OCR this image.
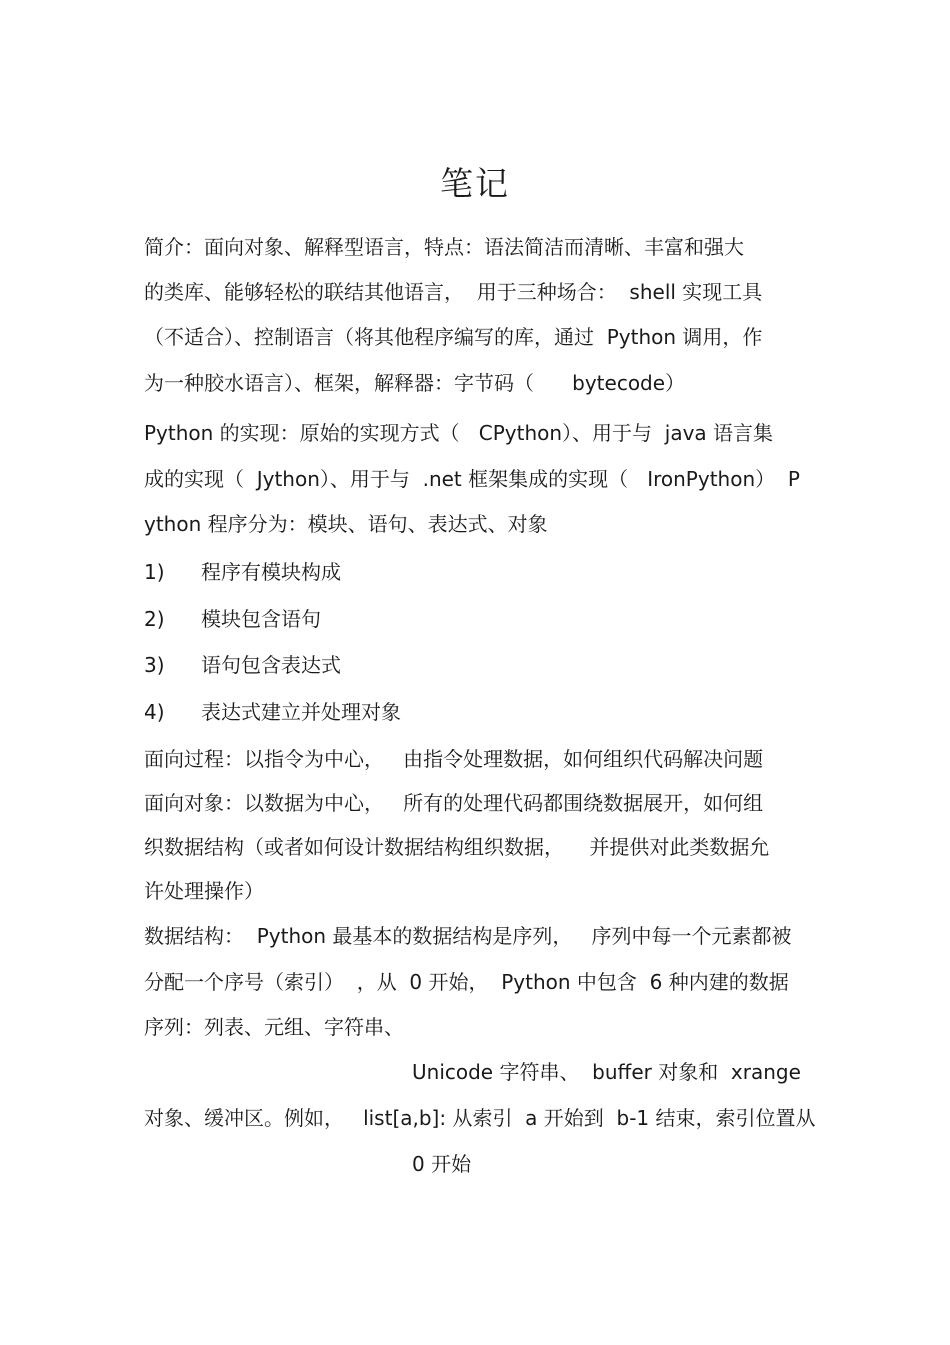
笔记
简介：面向对象、解释型语言，特点：语法简洁而清晰、丰富和强大
的类库、能够轻松的联结其他语言，  用于三种场合：  shell 实现工具
（不适合）、控制语言（将其他程序编写的库，通过  Python 调用，作
为一种胶水语言）、框架，解释器：字节码（      bytecode）
Python 的实现：原始的实现方式（   CPython）、用于与  java 语言集
成的实现（  Jython）、用于与  .net 框架集成的实现（   IronPython）  P
ython 程序分为：模块、语句、表达式、对象
1) 程序有模块构成
2) 模块包含语句
3) 语句包含表达式
4) 表达式建立并处理对象
面向过程：以指令为中心，   由指令处理数据，如何组织代码解决问题
面向对象：以数据为中心，   所有的处理代码都围绕数据展开，如何组
织数据结构（或者如何设计数据结构组织数据，    并提供对此类数据允
许处理操作）
数据结构：  Python 最基本的数据结构是序列，   序列中每一个元素都被
分配一个序号（索引）  ，从  0 开始，  Python 中包含  6 种内建的数据
序列：列表、元组、字符串、
Unicode 字符串、  buffer 对象和  xrange
对象、缓冲区。例如，   list[a,b]: 从索引  a 开始到  b-1 结束，索引位置从
0 开始
